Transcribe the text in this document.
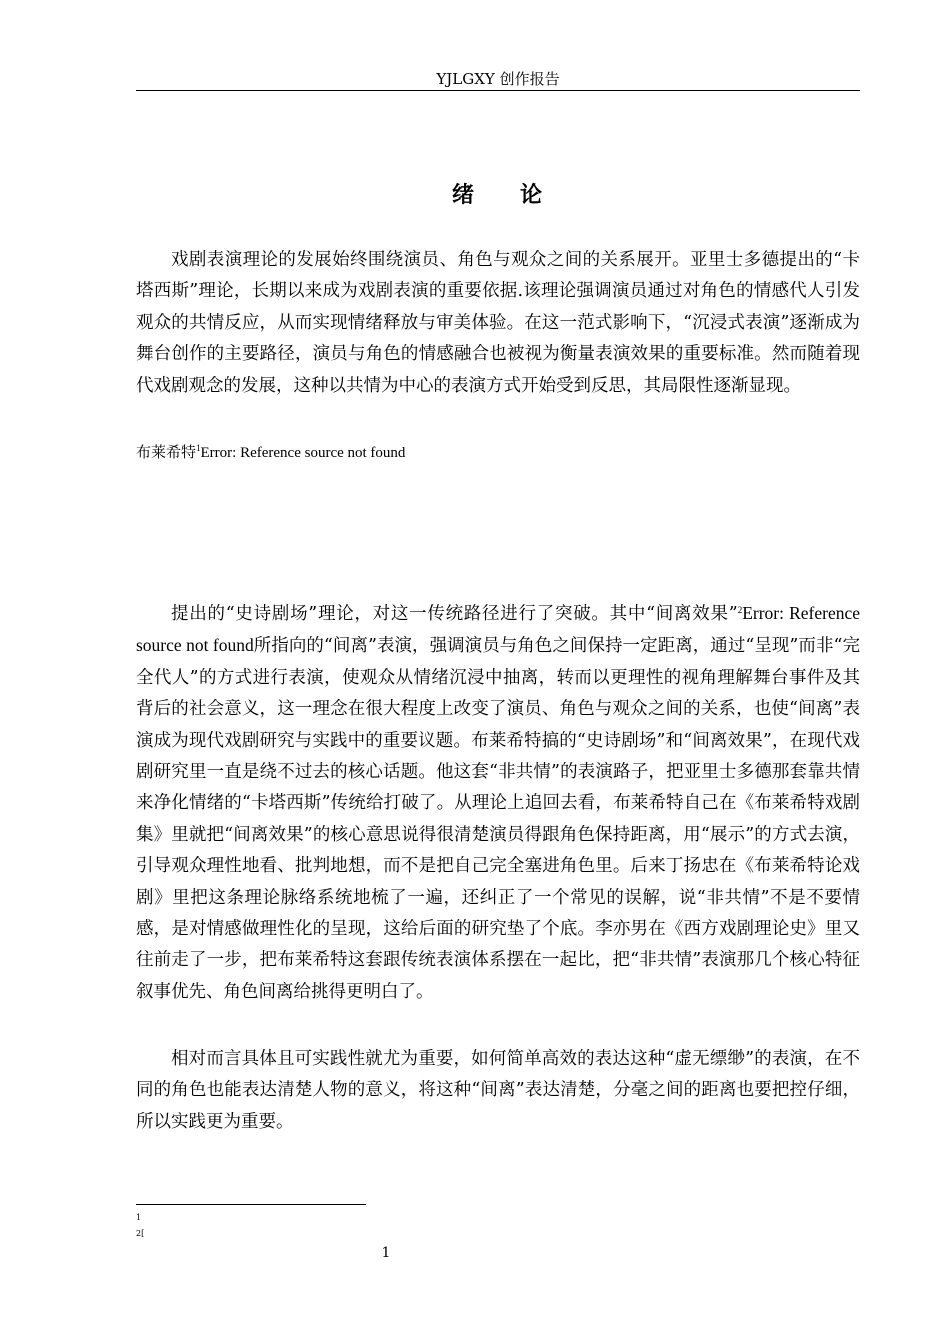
YJLGXY 创作报告
绪 论

戏剧表演理论的发展始终围绕演员、角色与观众之间的关系展开。亚里士多德提出的“卡塔西斯”理论，长期以来成为戏剧表演的重要依据.该理论强调演员通过对角色的情感代人引发观众的共情反应，从而实现情绪释放与审美体验。在这一范式影响下，“沉浸式表演”逐渐成为舞台创作的主要路径，演员与角色的情感融合也被视为衡量表演效果的重要标准。然而随着现代戏剧观念的发展，这种以共情为中心的表演方式开始受到反思，其局限性逐渐显现。

布莱希特$^1$Error: Reference source not found

提出的“史诗剧场”理论，对这一传统路径进行了突破。其中“间离效果”$^2$Error: Reference source not found所指向的“间离”表演，强调演员与角色之间保持一定距离，通过“呈现”而非“完全代人”的方式进行表演，使观众从情绪沉浸中抽离，转而以更理性的视角理解舞台事件及其背后的社会意义，这一理念在很大程度上改变了演员、角色与观众之间的关系，也使“间离”表演成为现代戏剧研究与实践中的重要议题。布莱希特搞的“史诗剧场”和“间离效果”，在现代戏剧研究里一直是绕不过去的核心话题。他这套“非共情”的表演路子，把亚里士多德那套靠共情来净化情绪的“卡塔西斯”传统给打破了。从理论上追回去看，布莱希特自己在《布莱希特戏剧集》里就把“间离效果”的核心意思说得很清楚演员得跟角色保持距离，用“展示”的方式去演，引导观众理性地看、批判地想，而不是把自己完全塞进角色里。后来丁扬忠在《布莱希特论戏剧》里把这条理论脉络系统地梳了一遍，还纠正了一个常见的误解，说“非共情”不是不要情感，是对情感做理性化的呈现，这给后面的研究垫了个底。李亦男在《西方戏剧理论史》里又往前走了一步，把布莱希特这套跟传统表演体系摆在一起比，把“非共情”表演那几个核心特征叙事优先、角色间离给挑得更明白了。

相对而言具体且可实践性就尤为重要，如何简单高效的表达这种“虚无缥缈”的表演，在不同的角色也能表达清楚人物的意义，将这种“间离”表达清楚，分毫之间的距离也要把控仔细，所以实践更为重要。

1
2[
1
